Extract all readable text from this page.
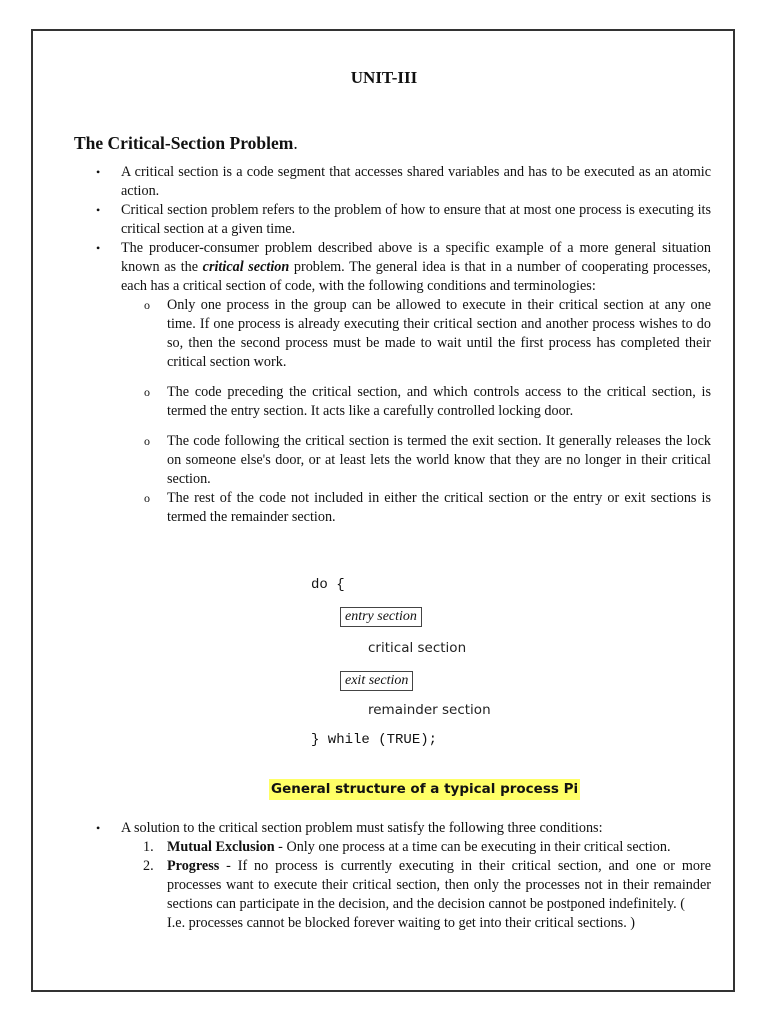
UNIT-III
The Critical-Section Problem.
• A critical section is a code segment that accesses shared variables and has to be executed as an atomic action.
• Critical section problem refers to the problem of how to ensure that at most one process is executing its critical section at a given time.
• The producer-consumer problem described above is a specific example of a more general situation known as the critical section problem. The general idea is that in a number of cooperating processes, each has a critical section of code, with the following conditions and terminologies:
o Only one process in the group can be allowed to execute in their critical section at any one time. If one process is already executing their critical section and another process wishes to do so, then the second process must be made to wait until the first process has completed their critical section work.
o The code preceding the critical section, and which controls access to the critical section, is termed the entry section. It acts like a carefully controlled locking door.
o The code following the critical section is termed the exit section. It generally releases the lock on someone else's door, or at least lets the world know that they are no longer in their critical section.
o The rest of the code not included in either the critical section or the entry or exit sections is termed the remainder section.
do {
entry section
critical section
exit section
remainder section
} while (TRUE);
General structure of a typical process Pi
• A solution to the critical section problem must satisfy the following three conditions:
1. Mutual Exclusion - Only one process at a time can be executing in their critical section.
2. Progress - If no process is currently executing in their critical section, and one or more processes want to execute their critical section, then only the processes not in their remainder sections can participate in the decision, and the decision cannot be postponed indefinitely. (
I.e. processes cannot be blocked forever waiting to get into their critical sections. )
